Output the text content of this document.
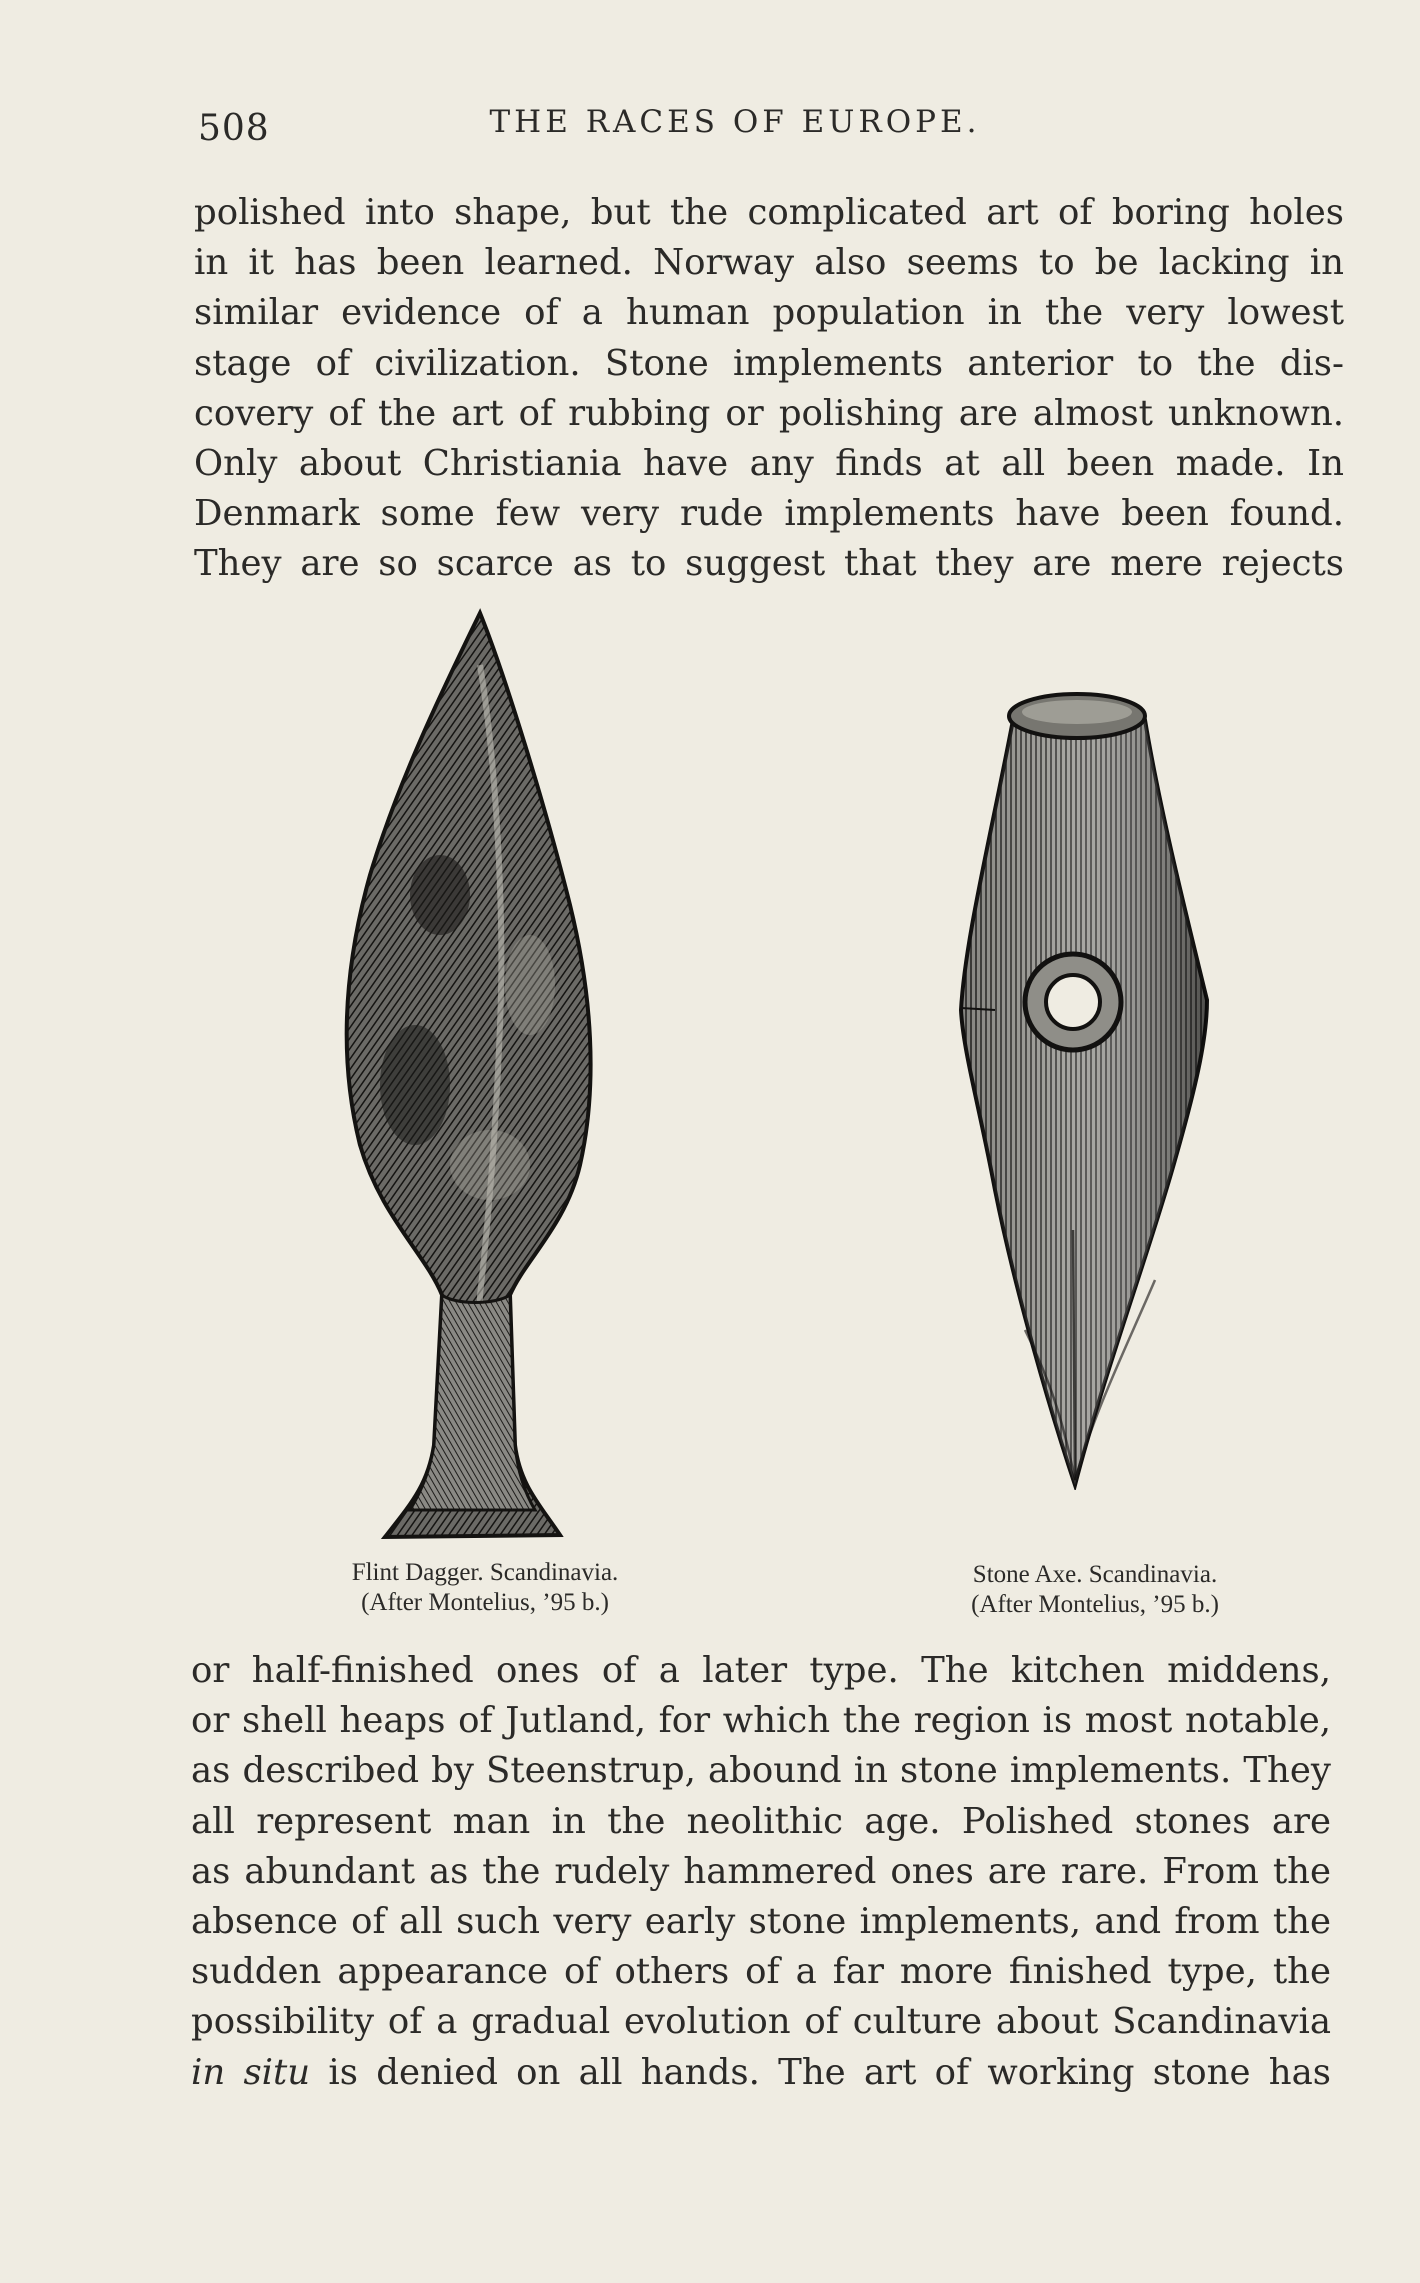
508	THE RACES OF EUROPE.
polished into shape, but the complicated art of boring holes
in it has been learned. Norway also seems to be lacking in
similar evidence of a human population in the very lowest
stage of civilization. Stone implements anterior to the dis-
covery of the art of rubbing or polishing are almost unknown.
Only about Christiania have any finds at all been made. In
Denmark some few very rude implements have been found.
They are so scarce as to suggest that they are mere rejects
Flint Dagger. Scandinavia.
(After Montelius, ’95 b.)
Stone Axe. Scandinavia.
(After Montelius, ’95 b.)
or half-finished ones of a later type. The kitchen middens,
or shell heaps of Jutland, for which the region is most notable,
as described by Steenstrup, abound in stone implements. They
all represent man in the neolithic age. Polished stones are
as abundant as the rudely hammered ones are rare. From the
absence of all such very early stone implements, and from the
sudden appearance of others of a far more finished type, the
possibility of a gradual evolution of culture about Scandinavia
in situ is denied on all hands. The art of working stone has
